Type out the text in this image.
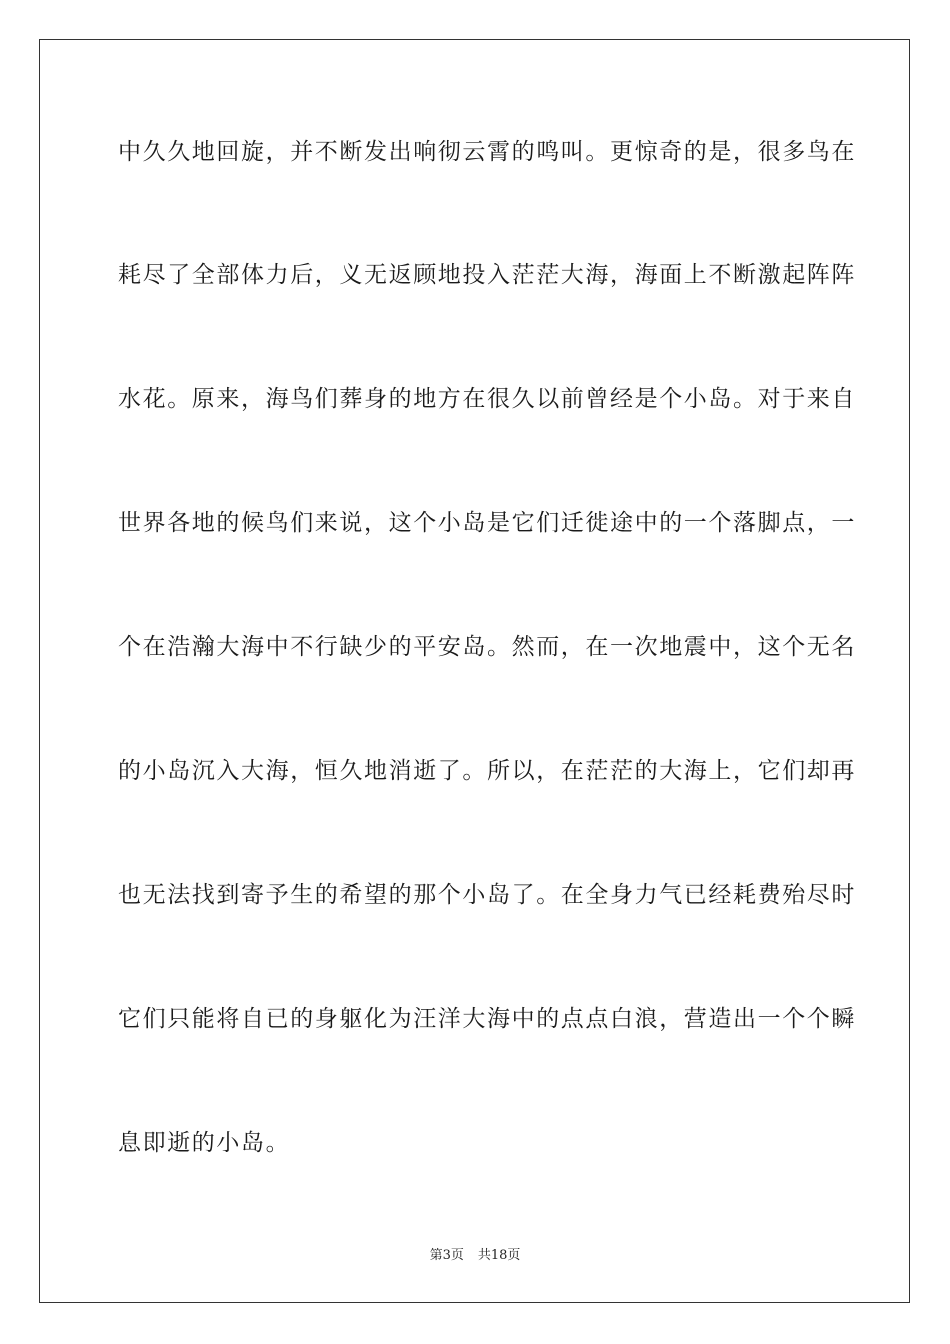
中久久地回旋，并不断发出响彻云霄的鸣叫。更惊奇的是，很多鸟在
耗尽了全部体力后，义无返顾地投入茫茫大海，海面上不断激起阵阵
水花。原来，海鸟们葬身的地方在很久以前曾经是个小岛。对于来自
世界各地的候鸟们来说，这个小岛是它们迁徙途中的一个落脚点，一
个在浩瀚大海中不行缺少的平安岛。然而，在一次地震中，这个无名
的小岛沉入大海，恒久地消逝了。所以，在茫茫的大海上，它们却再
也无法找到寄予生的希望的那个小岛了。在全身力气已经耗费殆尽时
它们只能将自已的身躯化为汪洋大海中的点点白浪，营造出一个个瞬
息即逝的小岛。
第3页 共18页
